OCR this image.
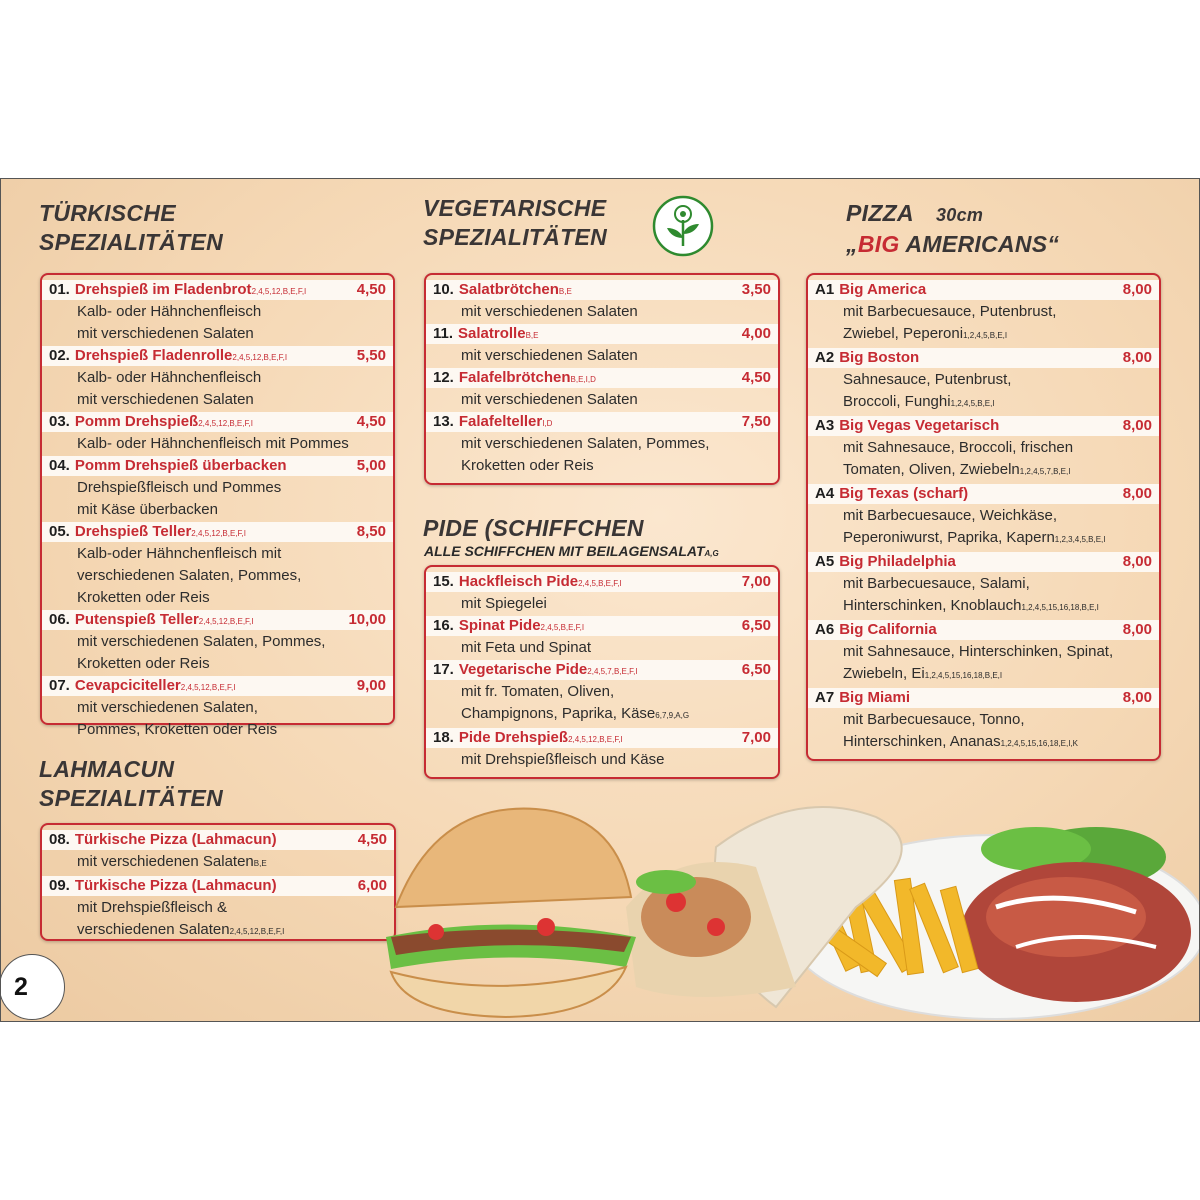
TÜRKISCHE
SPEZIALITÄTEN
01. Drehspieß im Fladenbrot2,4,5,12,B,E,F,I	4,50
Kalb- oder Hähnchenfleisch
mit verschiedenen Salaten
02. Drehspieß Fladenrolle2,4,5,12,B,E,F,I	5,50
Kalb- oder Hähnchenfleisch
mit verschiedenen Salaten
03. Pomm Drehspieß2,4,5,12,B,E,F,I	4,50
Kalb- oder Hähnchenfleisch mit Pommes
04. Pomm Drehspieß überbacken	5,00
Drehspießfleisch und Pommes
mit Käse überbacken
05. Drehspieß Teller2,4,5,12,B,E,F,I	8,50
Kalb-oder Hähnchenfleisch mit
verschiedenen Salaten, Pommes,
Kroketten oder Reis
06. Putenspieß Teller2,4,5,12,B,E,F,I	10,00
mit verschiedenen Salaten, Pommes,
Kroketten oder Reis
07. Cevapciciteller2,4,5,12,B,E,F,I	9,00
mit verschiedenen Salaten,
Pommes, Kroketten oder Reis
LAHMACUN
SPEZIALITÄTEN
08. Türkische Pizza (Lahmacun)	4,50
mit verschiedenen SalatenB,E
09. Türkische Pizza (Lahmacun)	6,00
mit Drehspießfleisch &
verschiedenen Salaten2,4,5,12,B,E,F,I
VEGETARISCHE
SPEZIALITÄTEN
10. SalatbrötchenB,E	3,50
mit verschiedenen Salaten
11. SalatrolleB,E	4,00
mit verschiedenen Salaten
12. FalafelbrötchenB,E,I,D	4,50
mit verschiedenen Salaten
13. FalafeltellerI,D	7,50
mit verschiedenen Salaten, Pommes,
Kroketten oder Reis
PIDE (SCHIFFCHEN
ALLE SCHIFFCHEN MIT BEILAGENSALATA,G
15. Hackfleisch Pide2,4,5,B,E,F,I	7,00
mit Spiegelei
16. Spinat Pide2,4,5,B,E,F,I	6,50
mit Feta und Spinat
17. Vegetarische Pide2,4,5,7,B,E,F,I	6,50
mit fr. Tomaten, Oliven,
Champignons, Paprika, Käse6,7,9,A,G
18. Pide Drehspieß2,4,5,12,B,E,F,I	7,00
mit Drehspießfleisch und Käse
PIZZA 30cm
„BIG AMERICANS“
A1 Big America	8,00
mit Barbecuesauce, Putenbrust,
Zwiebel, Peperoni1,2,4,5,B,E,I
A2 Big Boston	8,00
Sahnesauce, Putenbrust,
Broccoli, Funghi1,2,4,5,B,E,I
A3 Big Vegas Vegetarisch	8,00
mit Sahnesauce, Broccoli, frischen
Tomaten, Oliven, Zwiebeln1,2,4,5,7,B,E,I
A4 Big Texas (scharf)	8,00
mit Barbecuesauce, Weichkäse,
Peperoniwurst, Paprika, Kapern1,2,3,4,5,B,E,I
A5 Big Philadelphia	8,00
mit Barbecuesauce, Salami,
Hinterschinken, Knoblauch1,2,4,5,15,16,18,B,E,I
A6 Big California	8,00
mit Sahnesauce, Hinterschinken, Spinat,
Zwiebeln, Ei1,2,4,5,15,16,18,B,E,I
A7 Big Miami	8,00
mit Barbecuesauce, Tonno,
Hinterschinken, Ananas1,2,4,5,15,16,18,E,I,K
2
